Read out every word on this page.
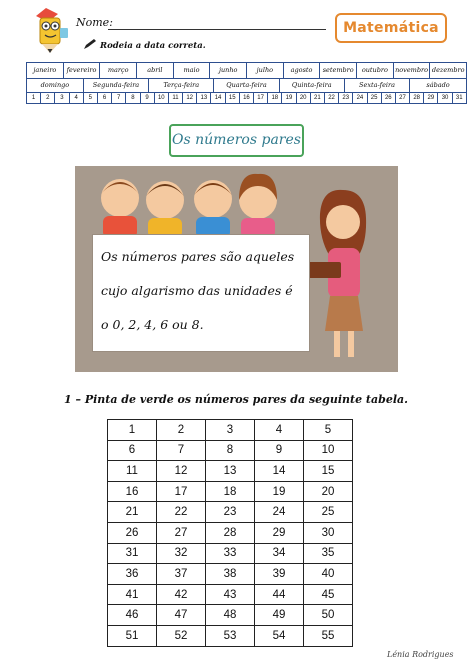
Nome:	Matemática
Rodeia a data correta.
janeiro	fevereiro	março	abril	maio	junho	julho	agosto	setembro	outubro	novembro dezembro
domingo	Segunda-feira	Terça-feira	Quarta-feira	Quinta-feira	Sexta-feira	sábado
1	2	3	4	5	6	7	8	9	10	11	12	13	14	15	16	17	18	19	20	21	22	23	24	25	26	27	28	29	30	31
Os números pares
Os números pares são aqueles
cujo algarismo das unidades é
o 0, 2, 4, 6 ou 8.
1 – Pinta de verde os números pares da seguinte tabela.
1	2	3	4	5
6	7	8	9	10
11	12	13	14	15
16	17	18	19	20
21	22	23	24	25
26	27	28	29	30
31	32	33	34	35
36	37	38	39	40
41	42	43	44	45
46	47	48	49	50
51	52	53	54	55
Lénia Rodrigues
